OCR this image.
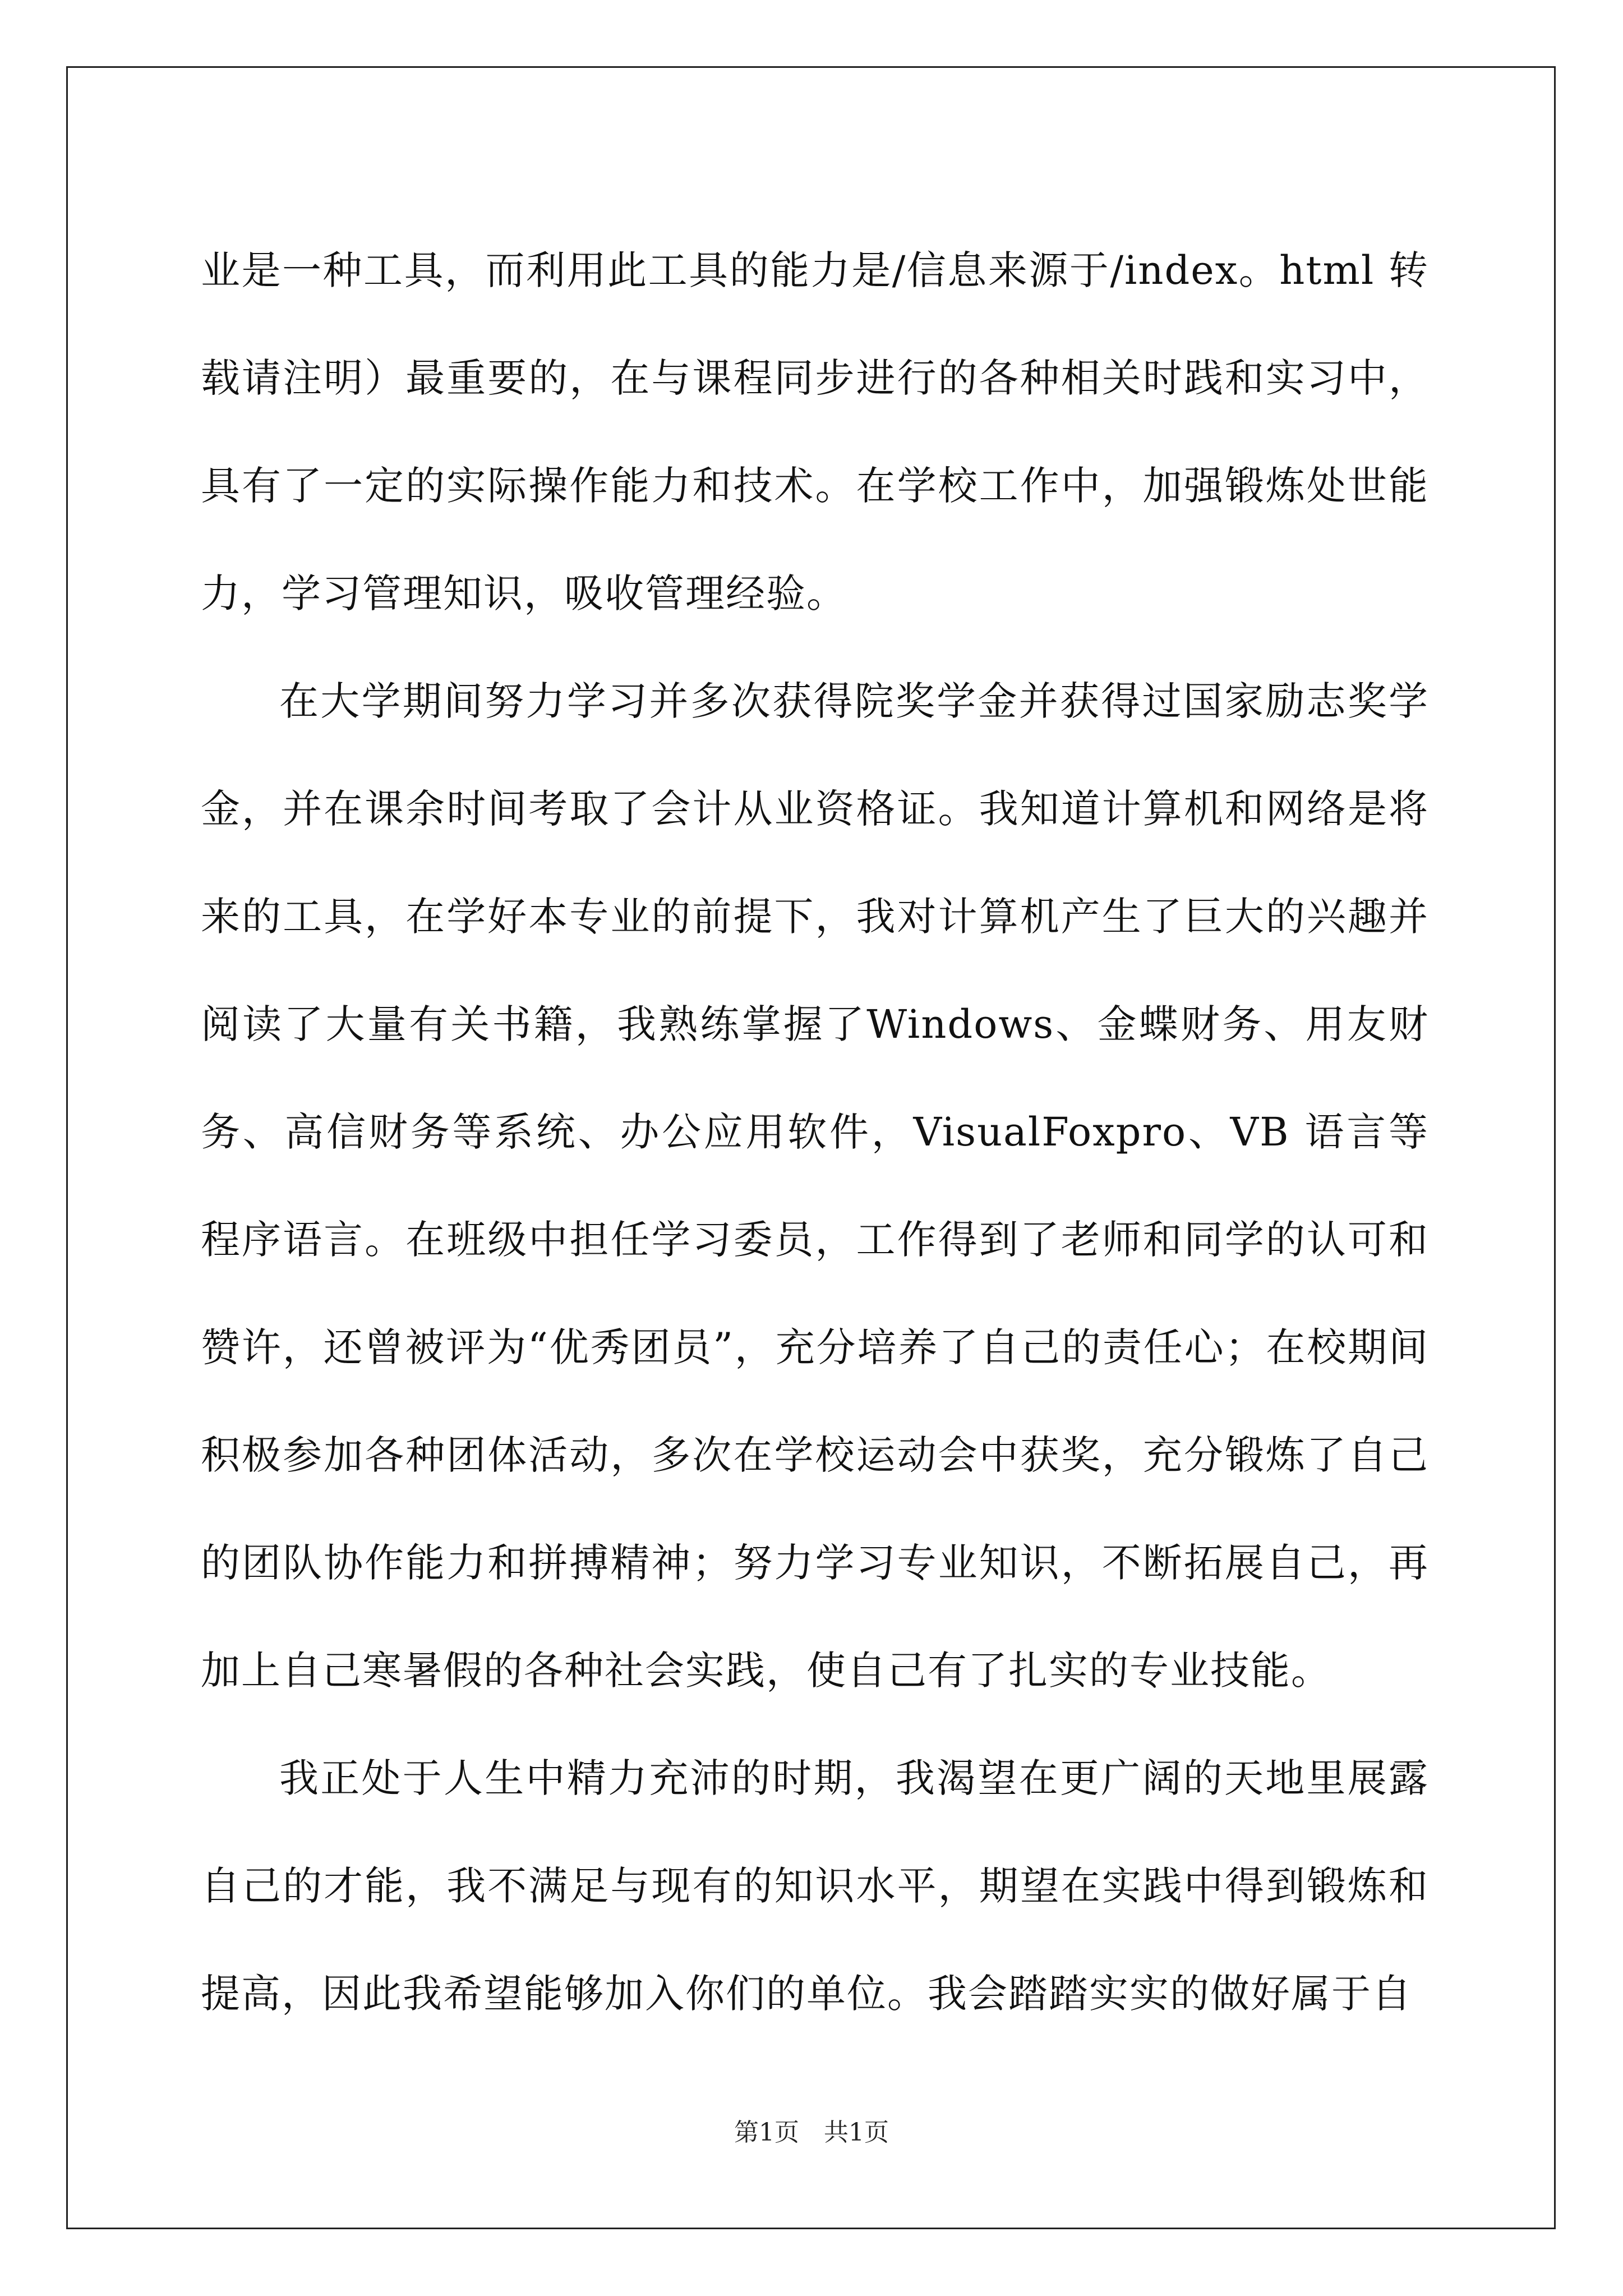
业是一种工具，而利用此工具的能力是/信息来源于/index。html 转载请注明）最重要的，在与课程同步进行的各种相关时践和实习中，具有了一定的实际操作能力和技术。在学校工作中，加强锻炼处世能力，学习管理知识，吸收管理经验。

在大学期间努力学习并多次获得院奖学金并获得过国家励志奖学金，并在课余时间考取了会计从业资格证。我知道计算机和网络是将来的工具，在学好本专业的前提下，我对计算机产生了巨大的兴趣并阅读了大量有关书籍，我熟练掌握了Windows、金蝶财务、用友财务、高信财务等系统、办公应用软件，VisualFoxpro、VB 语言等程序语言。在班级中担任学习委员，工作得到了老师和同学的认可和赞许，还曾被评为“优秀团员”，充分培养了自己的责任心；在校期间积极参加各种团体活动，多次在学校运动会中获奖，充分锻炼了自己的团队协作能力和拼搏精神；努力学习专业知识，不断拓展自己，再加上自己寒暑假的各种社会实践，使自己有了扎实的专业技能。

我正处于人生中精力充沛的时期，我渴望在更广阔的天地里展露自己的才能，我不满足与现有的知识水平，期望在实践中得到锻炼和提高，因此我希望能够加入你们的单位。我会踏踏实实的做好属于自

第1页　共1页
